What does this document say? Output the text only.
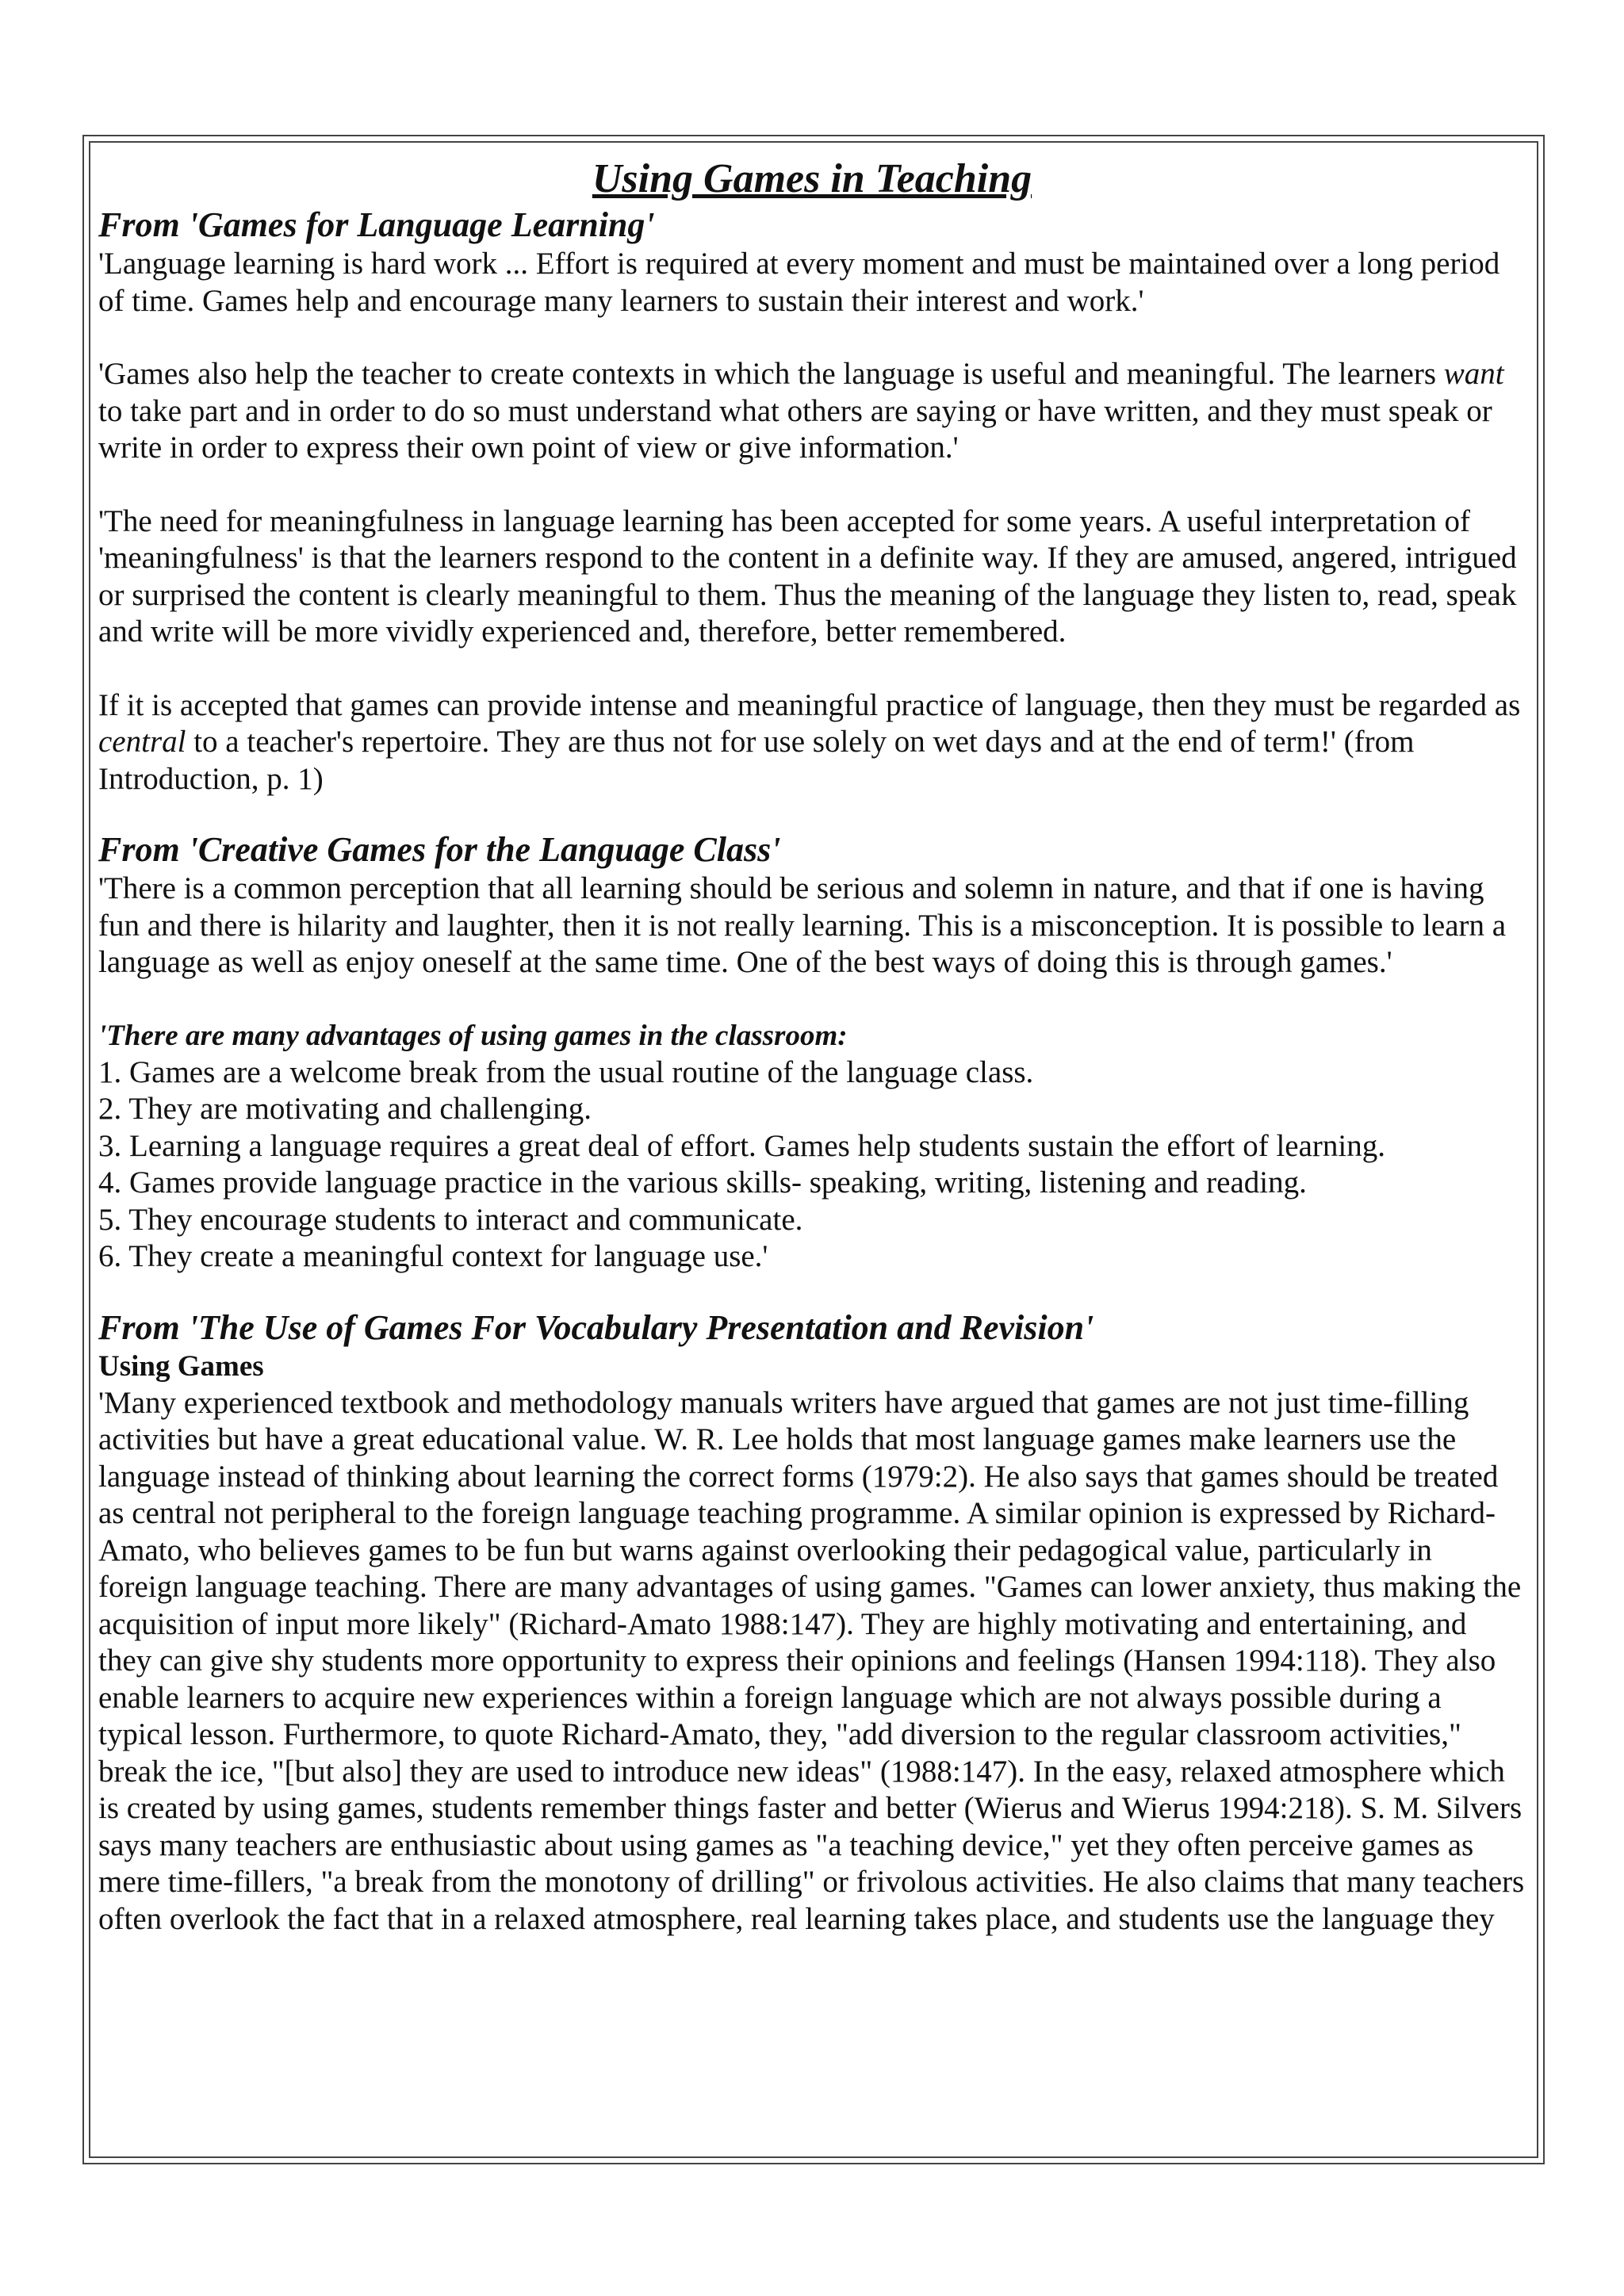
Using Games in Teaching
From 'Games for Language Learning'

'Language learning is hard work ... Effort is required at every moment and must be maintained over a long period of time. Games help and encourage many learners to sustain their interest and work.'

'Games also help the teacher to create contexts in which the language is useful and meaningful. The learners want to take part and in order to do so must understand what others are saying or have written, and they must speak or write in order to express their own point of view or give information.'

'The need for meaningfulness in language learning has been accepted for some years. A useful interpretation of 'meaningfulness' is that the learners respond to the content in a definite way. If they are amused, angered, intrigued or surprised the content is clearly meaningful to them. Thus the meaning of the language they listen to, read, speak and write will be more vividly experienced and, therefore, better remembered.

If it is accepted that games can provide intense and meaningful practice of language, then they must be regarded as central to a teacher's repertoire. They are thus not for use solely on wet days and at the end of term!' (from Introduction, p. 1)

From 'Creative Games for the Language Class'

'There is a common perception that all learning should be serious and solemn in nature, and that if one is having fun and there is hilarity and laughter, then it is not really learning. This is a misconception. It is possible to learn a language as well as enjoy oneself at the same time. One of the best ways of doing this is through games.'

'There are many advantages of using games in the classroom:

1. Games are a welcome break from the usual routine of the language class.
2. They are motivating and challenging.
3. Learning a language requires a great deal of effort. Games help students sustain the effort of learning.
4. Games provide language practice in the various skills- speaking, writing, listening and reading.
5. They encourage students to interact and communicate.
6. They create a meaningful context for language use.'
From 'The Use of Games For Vocabulary Presentation and Revision'

Using Games

'Many experienced textbook and methodology manuals writers have argued that games are not just time-filling activities but have a great educational value. W. R. Lee holds that most language games make learners use the language instead of thinking about learning the correct forms (1979:2). He also says that games should be treated as central not peripheral to the foreign language teaching programme. A similar opinion is expressed by Richard-Amato, who believes games to be fun but warns against overlooking their pedagogical value, particularly in foreign language teaching. There are many advantages of using games. "Games can lower anxiety, thus making the acquisition of input more likely" (Richard-Amato 1988:147). They are highly motivating and entertaining, and they can give shy students more opportunity to express their opinions and feelings (Hansen 1994:118). They also enable learners to acquire new experiences within a foreign language which are not always possible during a typical lesson. Furthermore, to quote Richard-Amato, they, "add diversion to the regular classroom activities," break the ice, "[but also] they are used to introduce new ideas" (1988:147). In the easy, relaxed atmosphere which is created by using games, students remember things faster and better (Wierus and Wierus 1994:218). S. M. Silvers says many teachers are enthusiastic about using games as "a teaching device," yet they often perceive games as mere time-fillers, "a break from the monotony of drilling" or frivolous activities. He also claims that many teachers often overlook the fact that in a relaxed atmosphere, real learning takes place, and students use the language they
